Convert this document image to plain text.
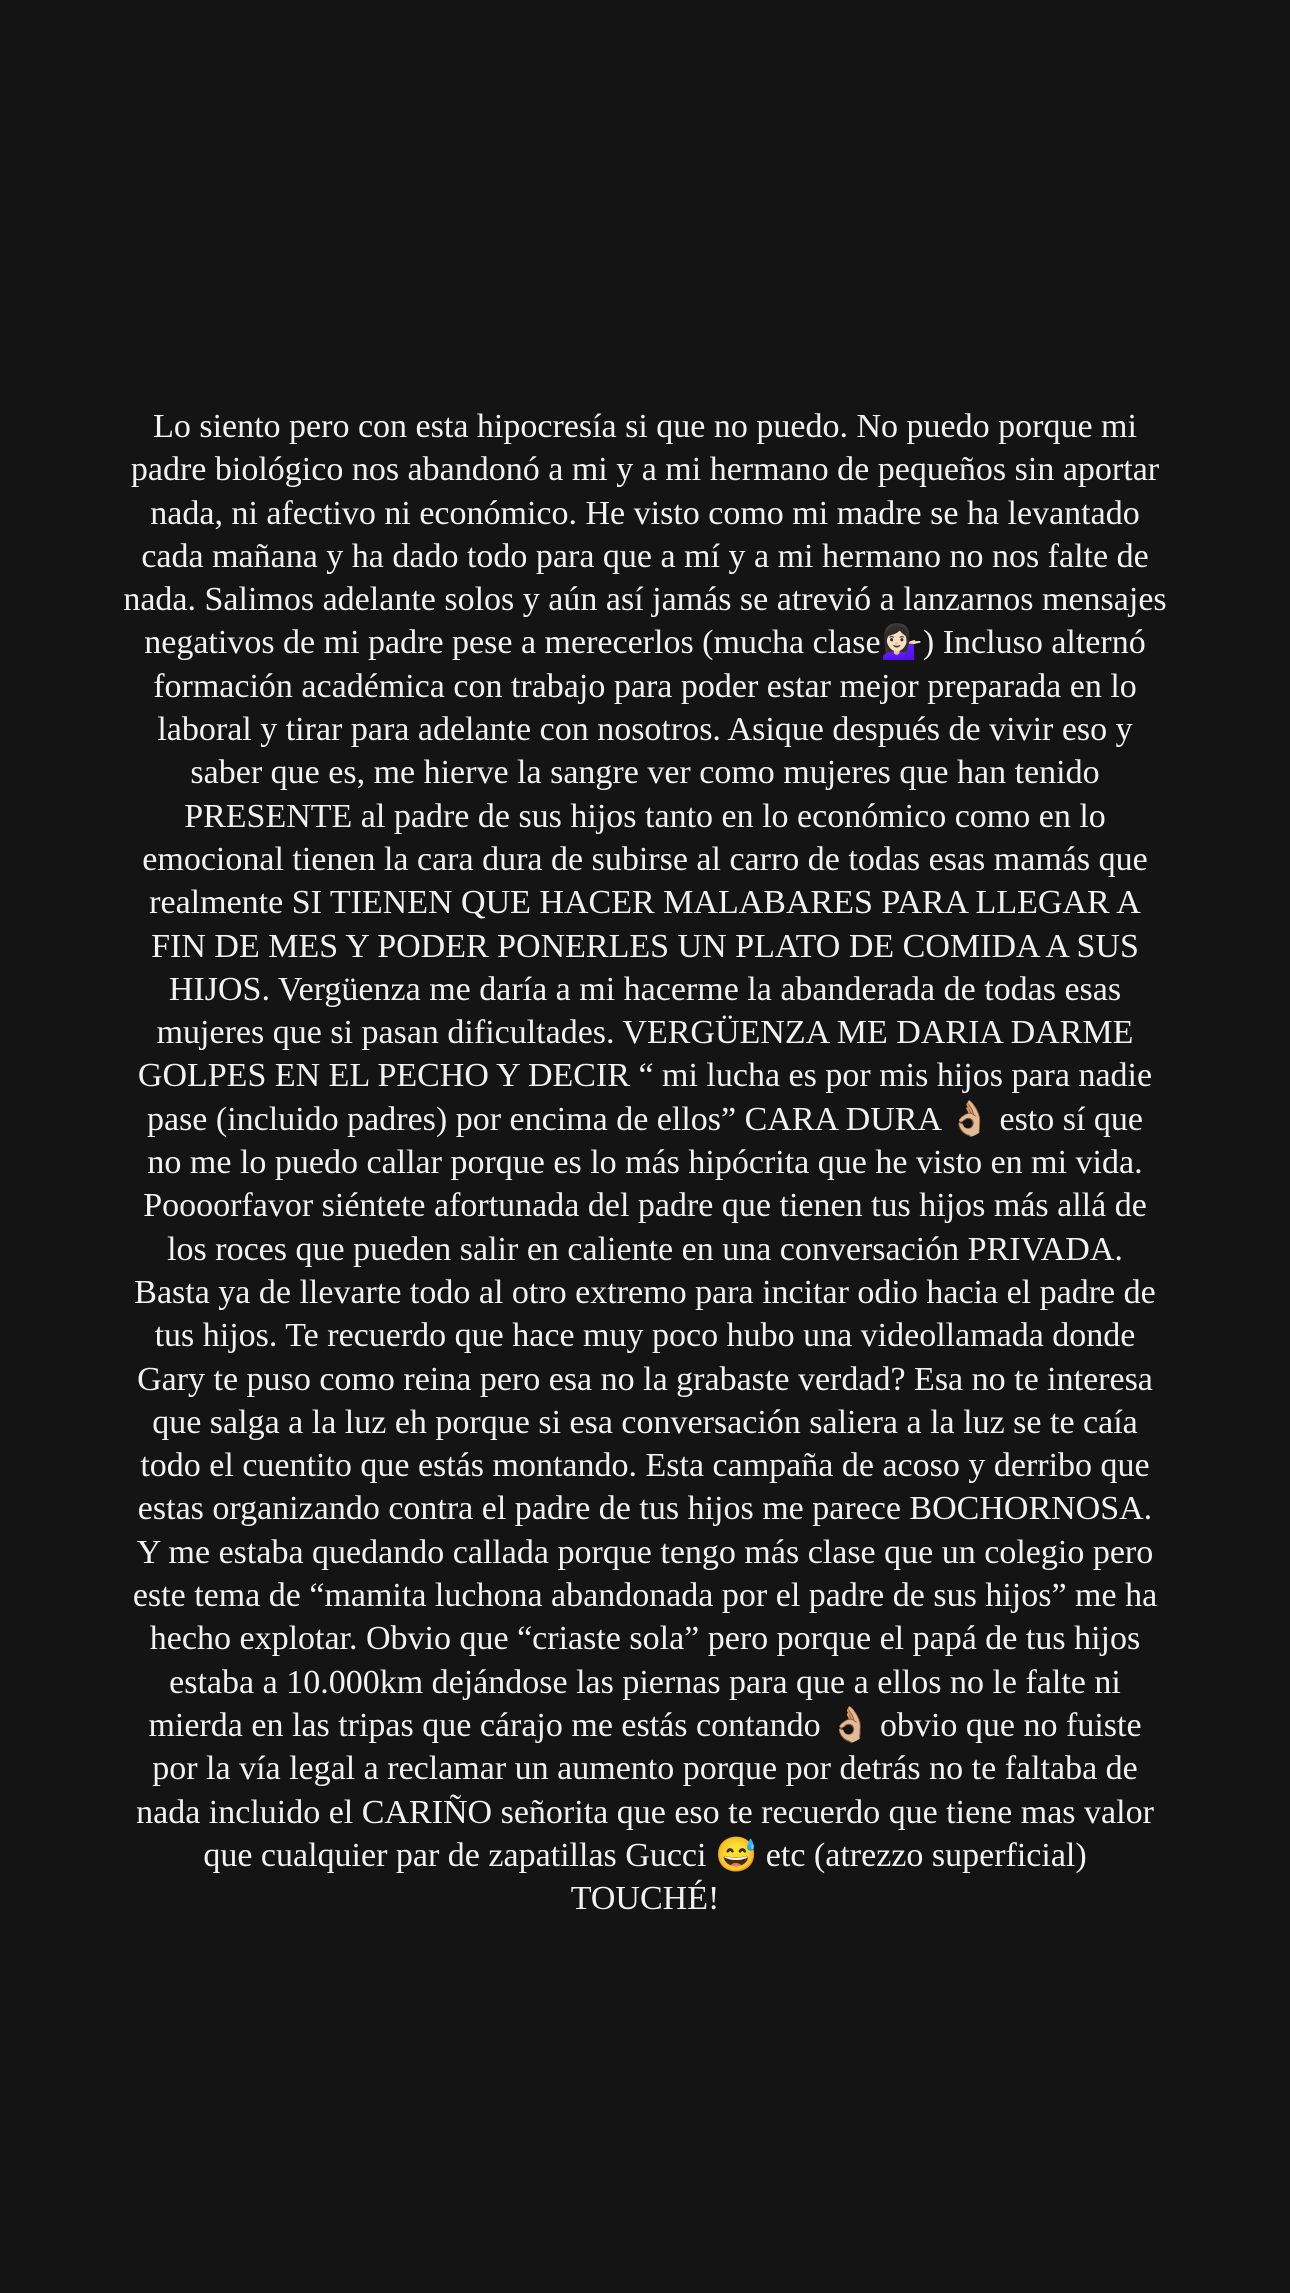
Lo siento pero con esta hipocresía si que no puedo. No puedo porque mi
padre biológico nos abandonó a mi y a mi hermano de pequeños sin aportar
nada, ni afectivo ni económico. He visto como mi madre se ha levantado
cada mañana y ha dado todo para que a mí y a mi hermano no nos falte de
nada. Salimos adelante solos y aún así jamás se atrevió a lanzarnos mensajes
negativos de mi padre pese a merecerlos (mucha clase💁🏻‍♀️) Incluso alternó
formación académica con trabajo para poder estar mejor preparada en lo
laboral y tirar para adelante con nosotros. Asique después de vivir eso y
saber que es, me hierve la sangre ver como mujeres que han tenido
PRESENTE al padre de sus hijos tanto en lo económico como en lo
emocional tienen la cara dura de subirse al carro de todas esas mamás que
realmente SI TIENEN QUE HACER MALABARES PARA LLEGAR A
FIN DE MES Y PODER PONERLES UN PLATO DE COMIDA A SUS
HIJOS. Vergüenza me daría a mi hacerme la abanderada de todas esas
mujeres que si pasan dificultades. VERGÜENZA ME DARIA DARME
GOLPES EN EL PECHO Y DECIR “ mi lucha es por mis hijos para nadie
pase (incluido padres) por encima de ellos” CARA DURA 👌🏼 esto sí que
no me lo puedo callar porque es lo más hipócrita que he visto en mi vida.
Poooorfavor siéntete afortunada del padre que tienen tus hijos más allá de
los roces que pueden salir en caliente en una conversación PRIVADA.
Basta ya de llevarte todo al otro extremo para incitar odio hacia el padre de
tus hijos. Te recuerdo que hace muy poco hubo una videollamada donde
Gary te puso como reina pero esa no la grabaste verdad? Esa no te interesa
que salga a la luz eh porque si esa conversación saliera a la luz se te caía
todo el cuentito que estás montando. Esta campaña de acoso y derribo que
estas organizando contra el padre de tus hijos me parece BOCHORNOSA.
Y me estaba quedando callada porque tengo más clase que un colegio pero
este tema de “mamita luchona abandonada por el padre de sus hijos” me ha
hecho explotar. Obvio que “criaste sola” pero porque el papá de tus hijos
estaba a 10.000km dejándose las piernas para que a ellos no le falte ni
mierda en las tripas que cárajo me estás contando 👌🏼 obvio que no fuiste
por la vía legal a reclamar un aumento porque por detrás no te faltaba de
nada incluido el CARIÑO señorita que eso te recuerdo que tiene mas valor
que cualquier par de zapatillas Gucci 😅 etc (atrezzo superficial)
TOUCHÉ!
